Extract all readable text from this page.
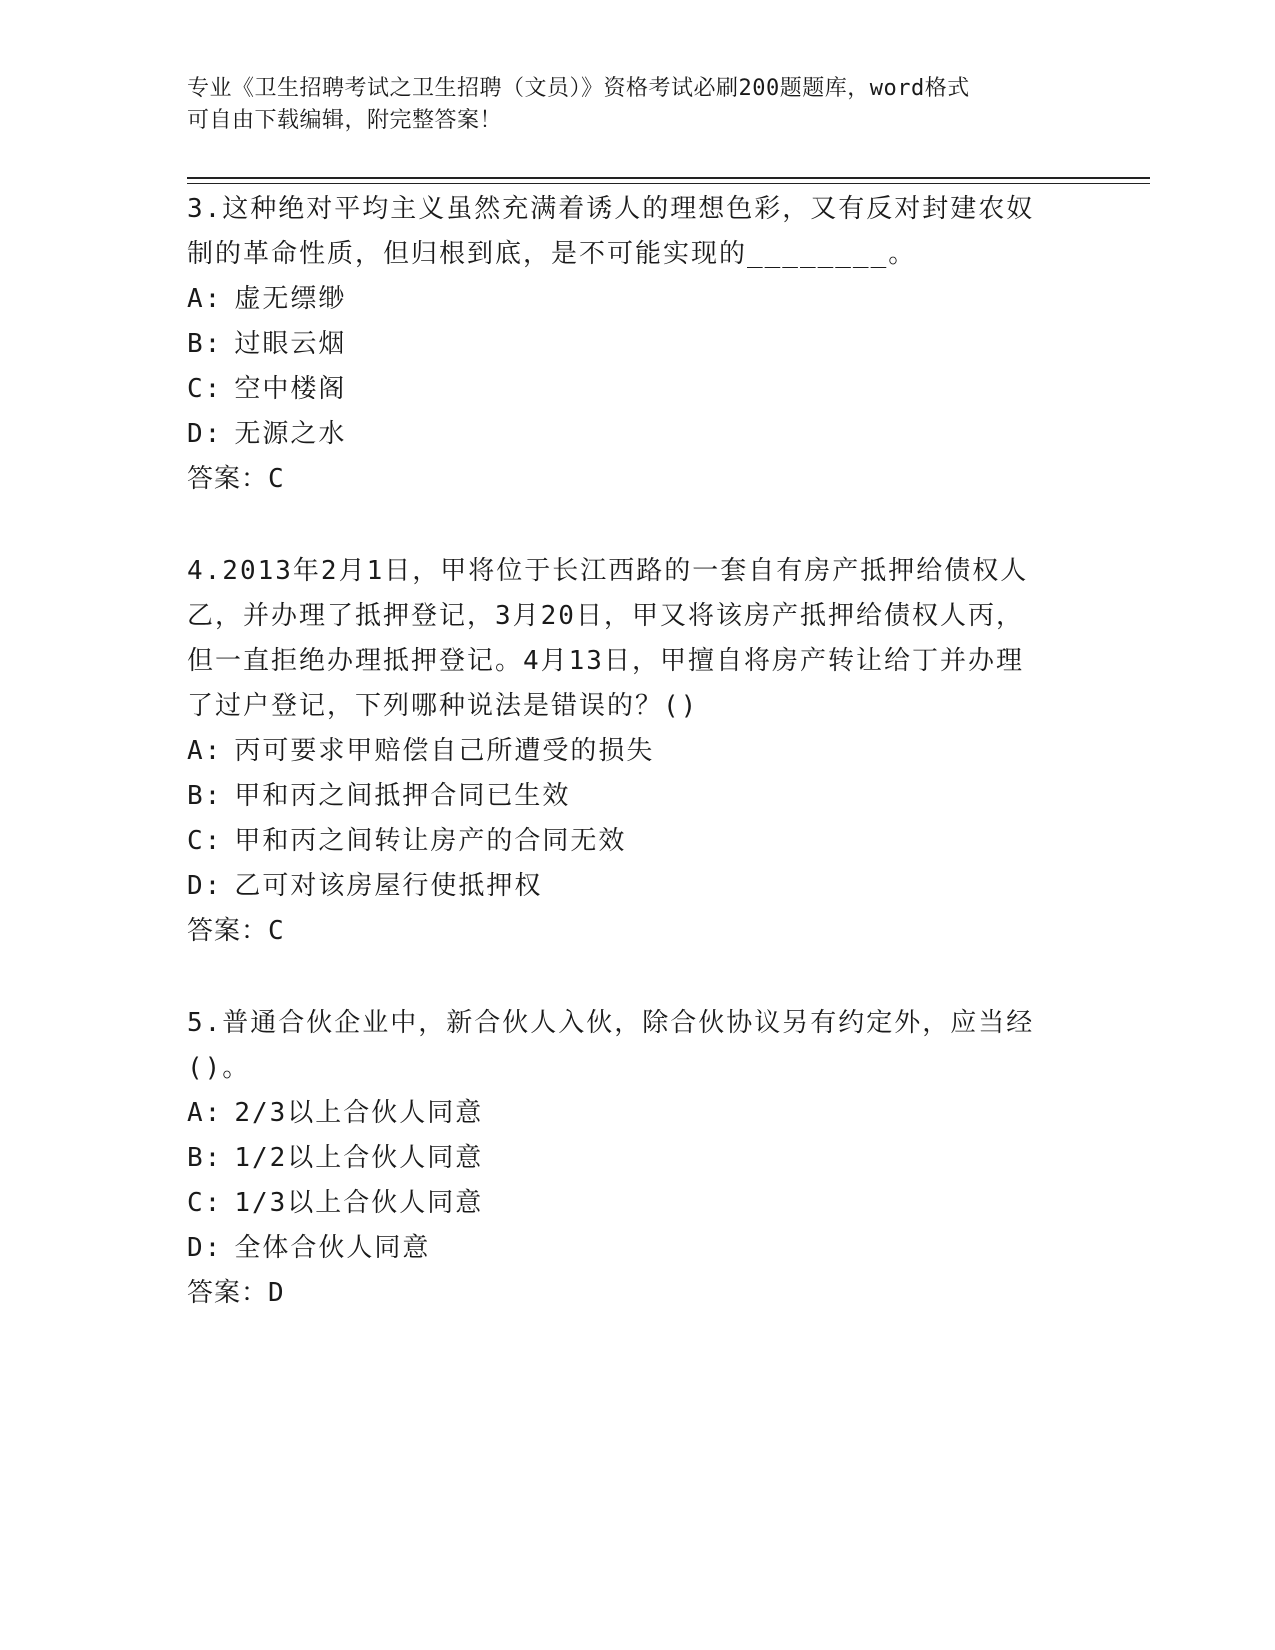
专业《卫生招聘考试之卫生招聘（文员）》资格考试必刷200题题库，word格式
可自由下载编辑，附完整答案！
3.这种绝对平均主义虽然充满着诱人的理想色彩，又有反对封建农奴
制的革命性质，但归根到底，是不可能实现的________。
A: 虚无缥缈
B: 过眼云烟
C: 空中楼阁
D: 无源之水
答案：C
4.2013年2月1日，甲将位于长江西路的一套自有房产抵押给债权人
乙，并办理了抵押登记，3月20日，甲又将该房产抵押给债权人丙，
但一直拒绝办理抵押登记。4月13日，甲擅自将房产转让给丁并办理
了过户登记，下列哪种说法是错误的？()
A: 丙可要求甲赔偿自己所遭受的损失
B: 甲和丙之间抵押合同已生效
C: 甲和丙之间转让房产的合同无效
D: 乙可对该房屋行使抵押权
答案：C
5.普通合伙企业中，新合伙人入伙，除合伙协议另有约定外，应当经
()。
A: 2/3以上合伙人同意
B: 1/2以上合伙人同意
C: 1/3以上合伙人同意
D: 全体合伙人同意
答案：D
